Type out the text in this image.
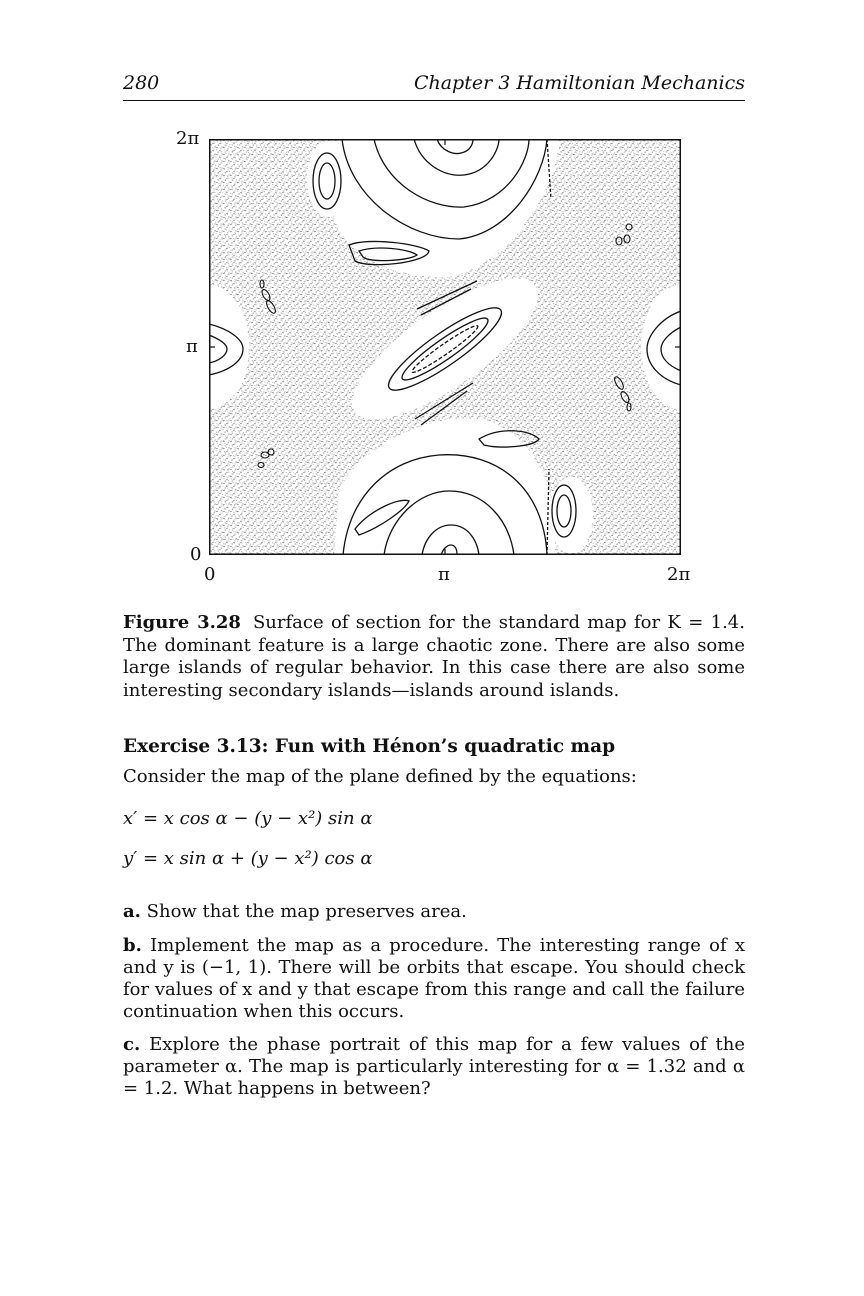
280	Chapter 3 Hamiltonian Mechanics
2π
π
0
0	π	2π
Figure 3.28 Surface of section for the standard map for K = 1.4. The dominant feature is a large chaotic zone. There are also some large islands of regular behavior. In this case there are also some interesting secondary islands—islands around islands.
Exercise 3.13: Fun with Hénon’s quadratic map
Consider the map of the plane defined by the equations:
x′ = x cos α − (y − x²) sin α
y′ = x sin α + (y − x²) cos α
a. Show that the map preserves area.
b. Implement the map as a procedure. The interesting range of x and y is (−1, 1). There will be orbits that escape. You should check for values of x and y that escape from this range and call the failure continuation when this occurs.
c. Explore the phase portrait of this map for a few values of the parameter α. The map is particularly interesting for α = 1.32 and α = 1.2. What happens in between?
